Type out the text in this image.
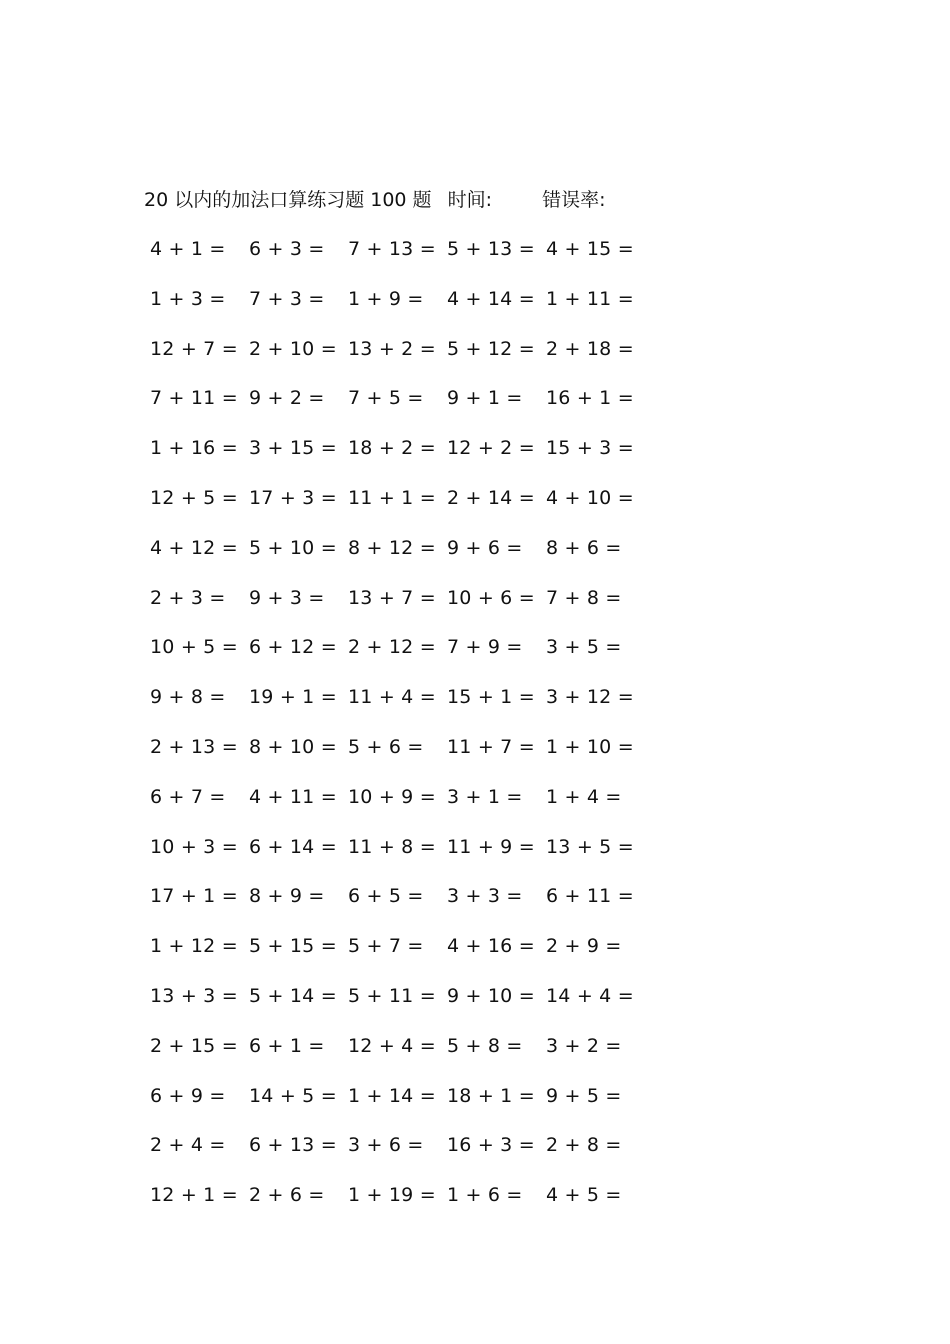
20 以内的加法口算练习题 100 题 时间:	错误率:
4 + 1 = 6 + 3 = 7 + 13 = 5 + 13 = 4 + 15 =
1 + 3 = 7 + 3 = 1 + 9 = 4 + 14 = 1 + 11 =
12 + 7 = 2 + 10 = 13 + 2 = 5 + 12 = 2 + 18 =
7 + 11 = 9 + 2 = 7 + 5 = 9 + 1 = 16 + 1 =
1 + 16 = 3 + 15 = 18 + 2 = 12 + 2 = 15 + 3 =
12 + 5 = 17 + 3 = 11 + 1 = 2 + 14 = 4 + 10 =
4 + 12 = 5 + 10 = 8 + 12 = 9 + 6 = 8 + 6 =
2 + 3 = 9 + 3 = 13 + 7 = 10 + 6 = 7 + 8 =
10 + 5 = 6 + 12 = 2 + 12 = 7 + 9 = 3 + 5 =
9 + 8 = 19 + 1 = 11 + 4 = 15 + 1 = 3 + 12 =
2 + 13 = 8 + 10 = 5 + 6 = 11 + 7 = 1 + 10 =
6 + 7 = 4 + 11 = 10 + 9 = 3 + 1 = 1 + 4 =
10 + 3 = 6 + 14 = 11 + 8 = 11 + 9 = 13 + 5 =
17 + 1 = 8 + 9 = 6 + 5 = 3 + 3 = 6 + 11 =
1 + 12 = 5 + 15 = 5 + 7 = 4 + 16 = 2 + 9 =
13 + 3 = 5 + 14 = 5 + 11 = 9 + 10 = 14 + 4 =
2 + 15 = 6 + 1 = 12 + 4 = 5 + 8 = 3 + 2 =
6 + 9 = 14 + 5 = 1 + 14 = 18 + 1 = 9 + 5 =
2 + 4 = 6 + 13 = 3 + 6 = 16 + 3 = 2 + 8 =
12 + 1 = 2 + 6 = 1 + 19 = 1 + 6 = 4 + 5 =
